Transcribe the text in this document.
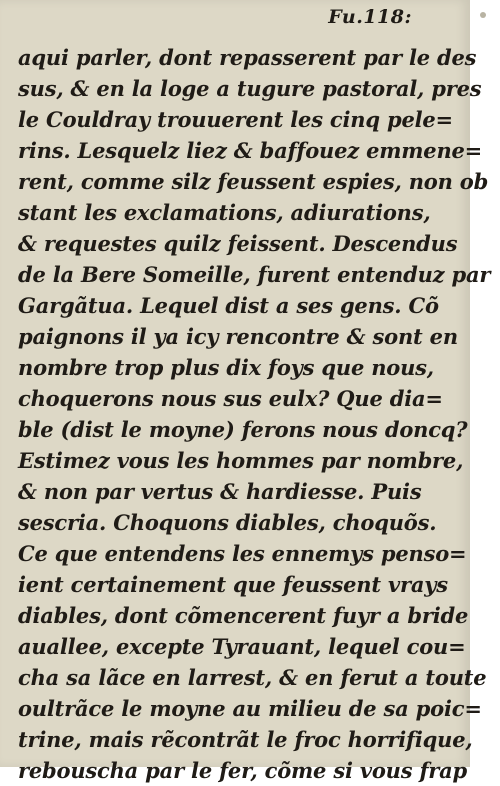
Fu.118:
aqui parler, dont repasserent par le des
sus, & en la loge a tugure pastoral, pres
le Couldray trouuerent les cinq pele=
rins. Lesquelz liez & baffouez emmene=
rent, comme silz feussent espies, non ob
stant les exclamations, adiurations,
& requestes quilz feissent. Descendus
de la Bere Someille, furent entenduz par
Gargãtua. Lequel dist a ses gens. Cõ
paignons il ya icy rencontre & sont en
nombre trop plus dix foys que nous,
choquerons nous sus eulx? Que dia=
ble (dist le moyne) ferons nous doncq?
Estimez vous les hommes par nombre,
& non par vertus & hardiesse. Puis
sescria. Choquons diables, choquõs.
Ce que entendens les ennemys penso=
ient certainement que feussent vrays
diables, dont cõmencerent fuyr a bride
auallee, excepte Tyrauant, lequel cou=
cha sa lãce en larrest, & en ferut a toute
oultrãce le moyne au milieu de sa poic=
trine, mais rẽcontrãt le froc horrifique,
rebouscha par le fer, cõme si vous frap
